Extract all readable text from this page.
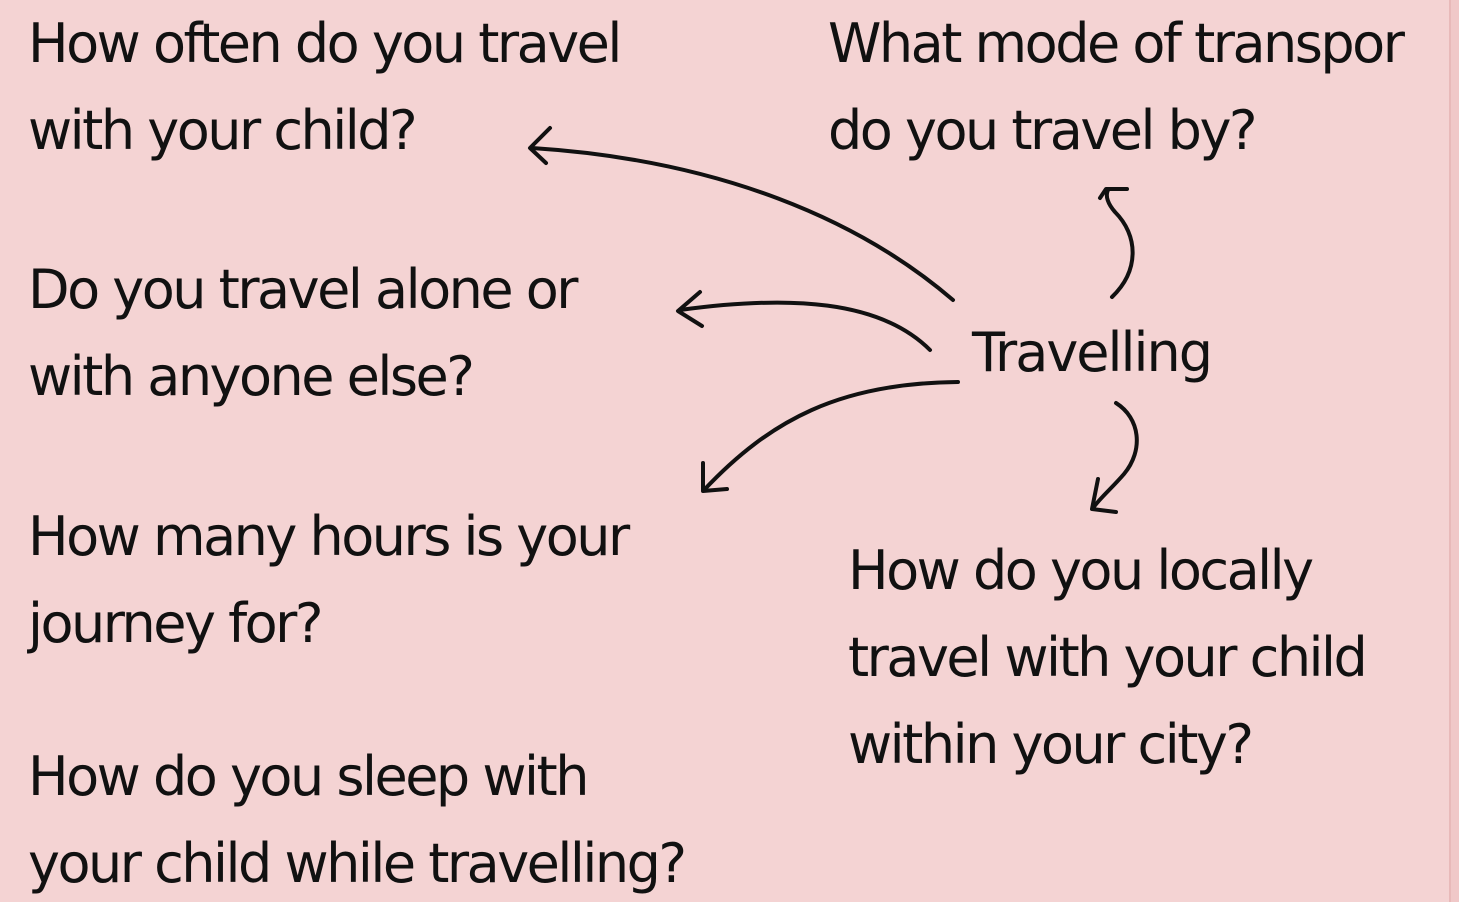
Travelling
How often do you travel
with your child?
Do you travel alone or
with anyone else?
How many hours is your
journey for?
How do you sleep with
your child while travelling?
What mode of transpor
do you travel by?
How do you locally
travel with your child
within your city?
